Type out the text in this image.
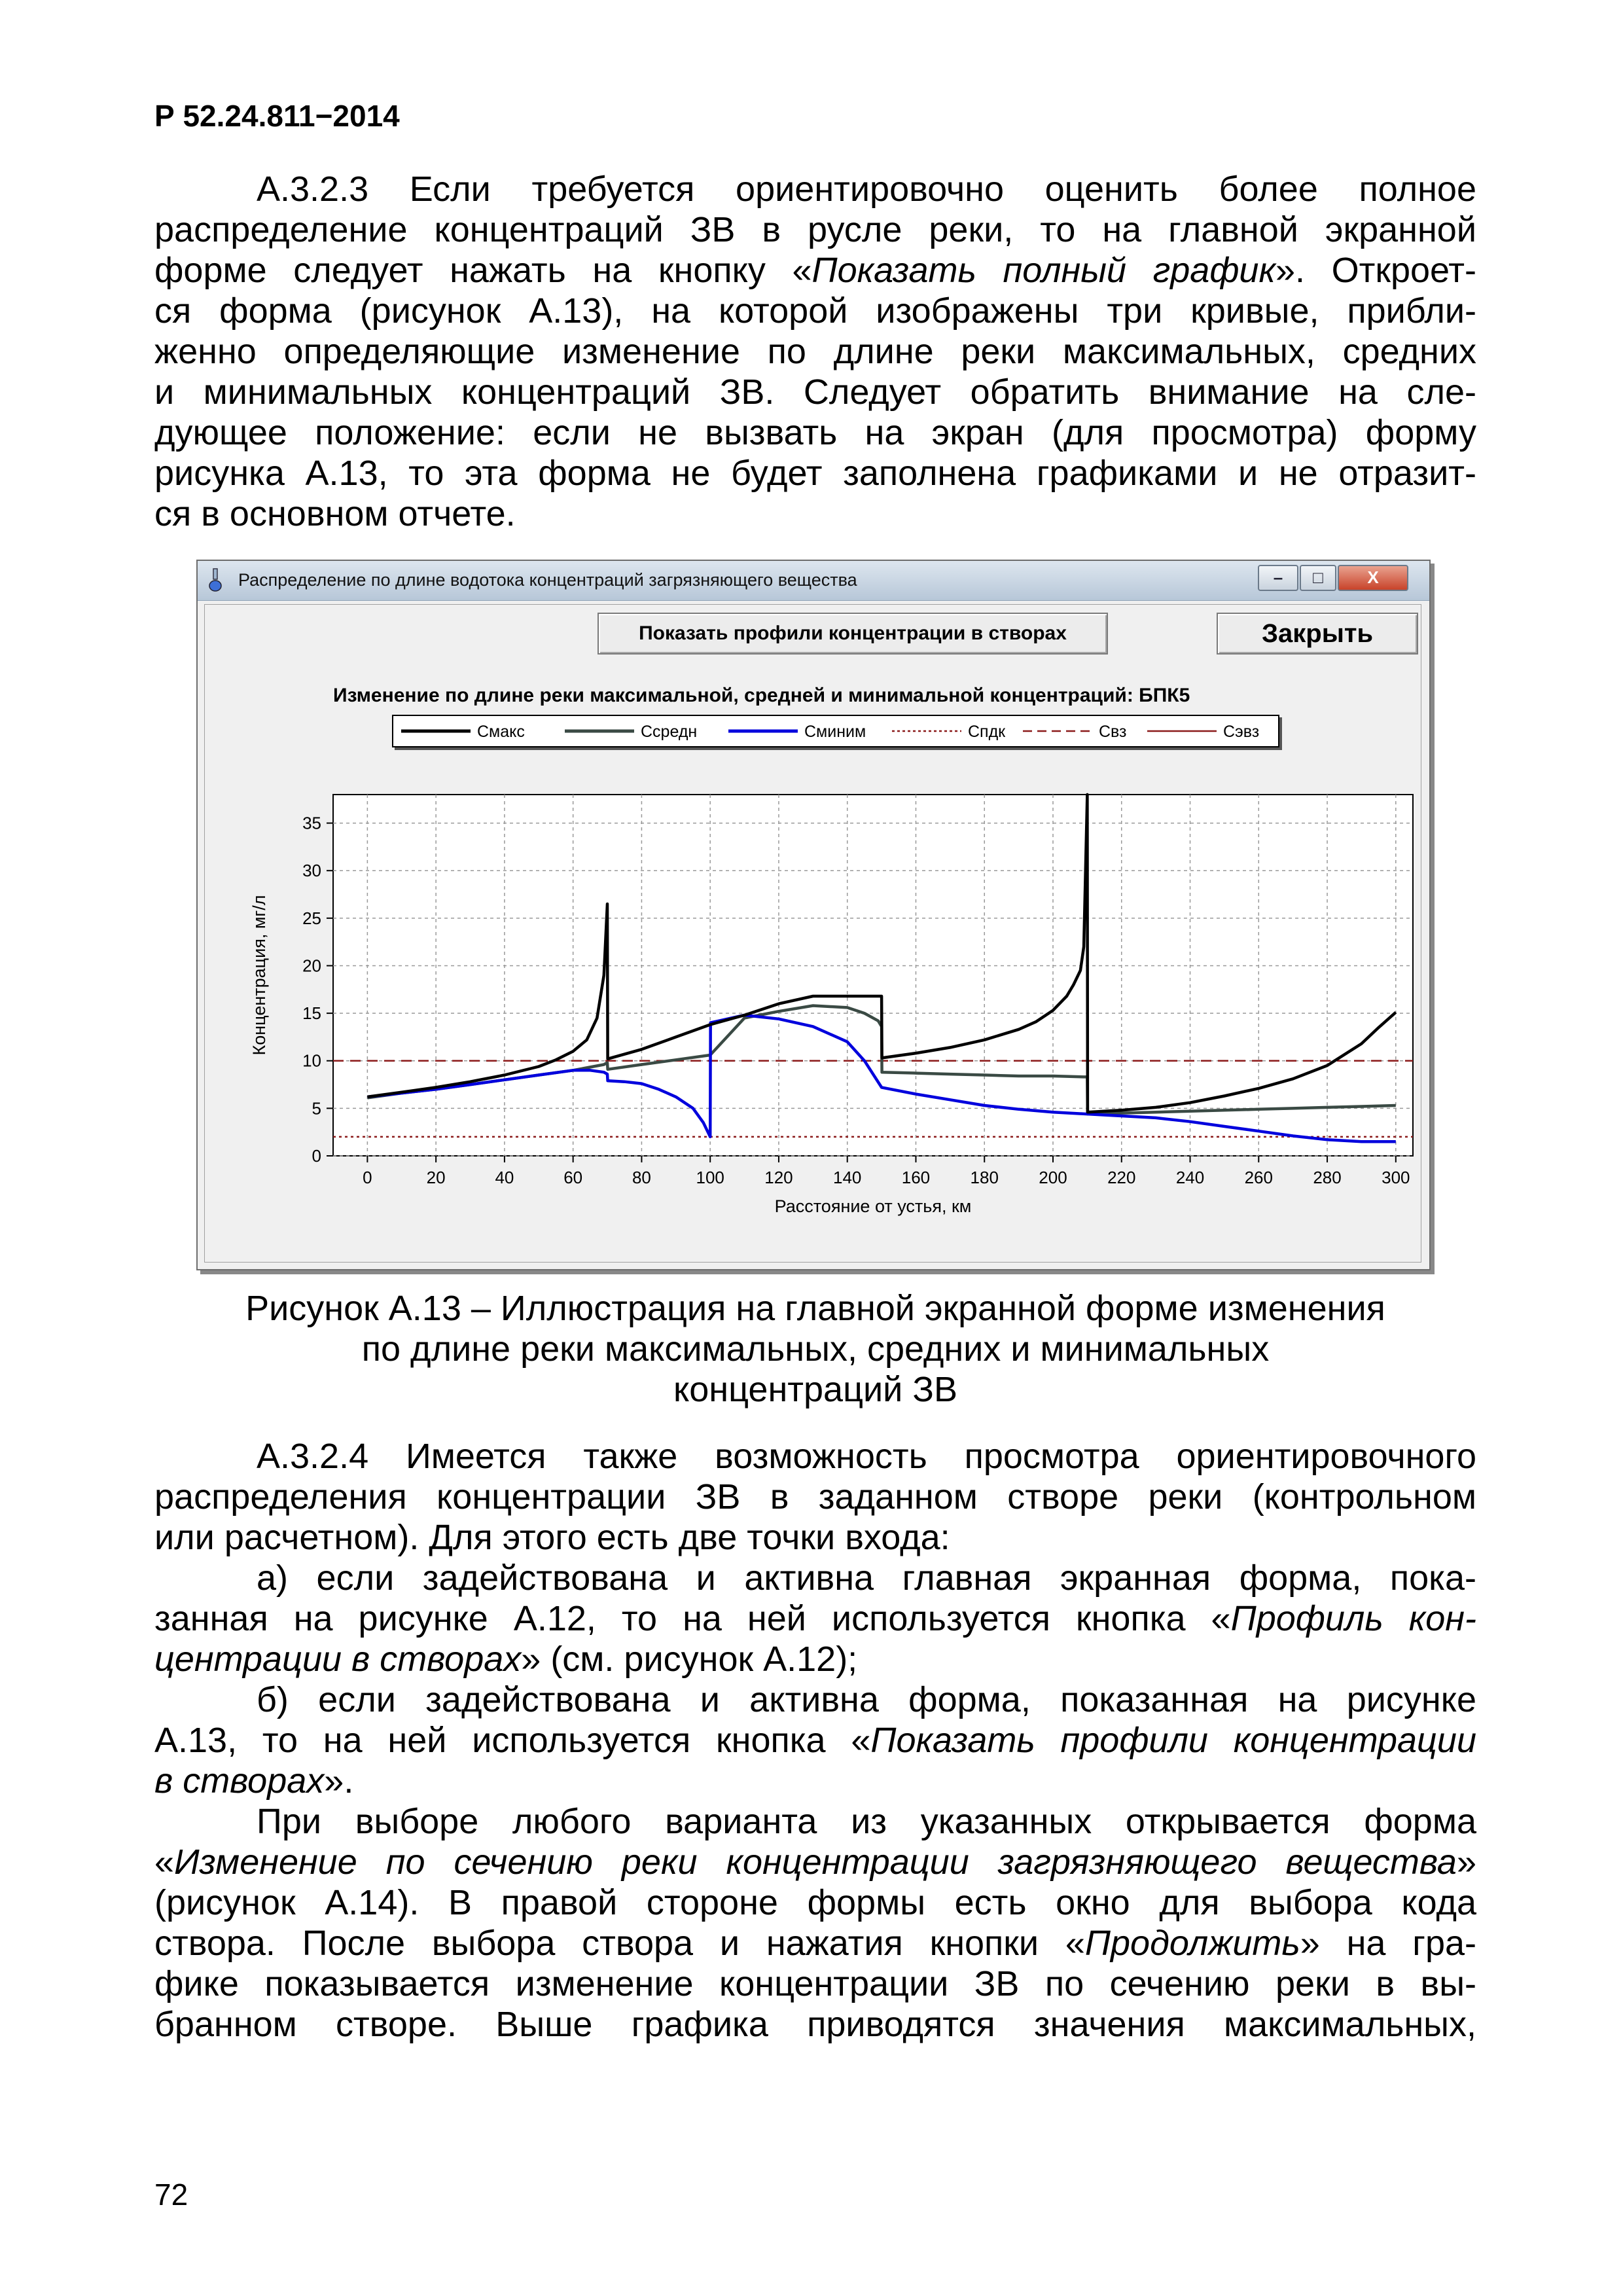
Р 52.24.811−2014
А.3.2.3 Если требуется ориентировочно оценить более полное
распределение концентраций ЗВ в русле реки, то на главной экранной
форме следует нажать на кнопку «Показать полный график». Откроет-
ся форма (рисунок А.13), на которой изображены три кривые, прибли-
женно определяющие изменение по длине реки максимальных, средних
и минимальных концентраций ЗВ. Следует обратить внимание на сле-
дующее положение: если не вызвать на экран (для просмотра) форму
рисунка А.13, то эта форма не будет заполнена графиками и не отразит-
ся в основном отчете.
Распределение по длине водотока концентраций загрязняющего вещества	–	□	X
Показать профили концентрации в створах	Закрыть
Изменение по длине реки максимальной, средней и минимальной концентраций: БПК5
Смакс	Сcредн	Сминим	Спдк	Свз	Сэвз
0	20	40	60	80	100 120 140 160 180 200 220 240 260 280 300
0
5
10
15
20
25
30
35
Расстояние от устья, км
Концентрация, мг/л
Рисунок А.13 – Иллюстрация на главной экранной форме изменения
по длине реки максимальных, средних и минимальных
концентраций ЗВ
А.3.2.4 Имеется также возможность просмотра ориентировочного
распределения концентрации ЗВ в заданном створе реки (контрольном
или расчетном). Для этого есть две точки входа:
а) если задействована и активна главная экранная форма, пока-
занная на рисунке А.12, то на ней используется кнопка «Профиль кон-
центрации в створах» (см. рисунок А.12);
б) если задействована и активна форма, показанная на рисунке
А.13, то на ней используется кнопка «Показать профили концентрации
в створах».
При выборе любого варианта из указанных открывается форма
«Изменение по сечению реки концентрации загрязняющего вещества»
(рисунок А.14). В правой стороне формы есть окно для выбора кода
створа. После выбора створа и нажатия кнопки «Продолжить» на гра-
фике показывается изменение концентрации ЗВ по сечению реки в вы-
бранном створе. Выше графика приводятся значения максимальных,
72
